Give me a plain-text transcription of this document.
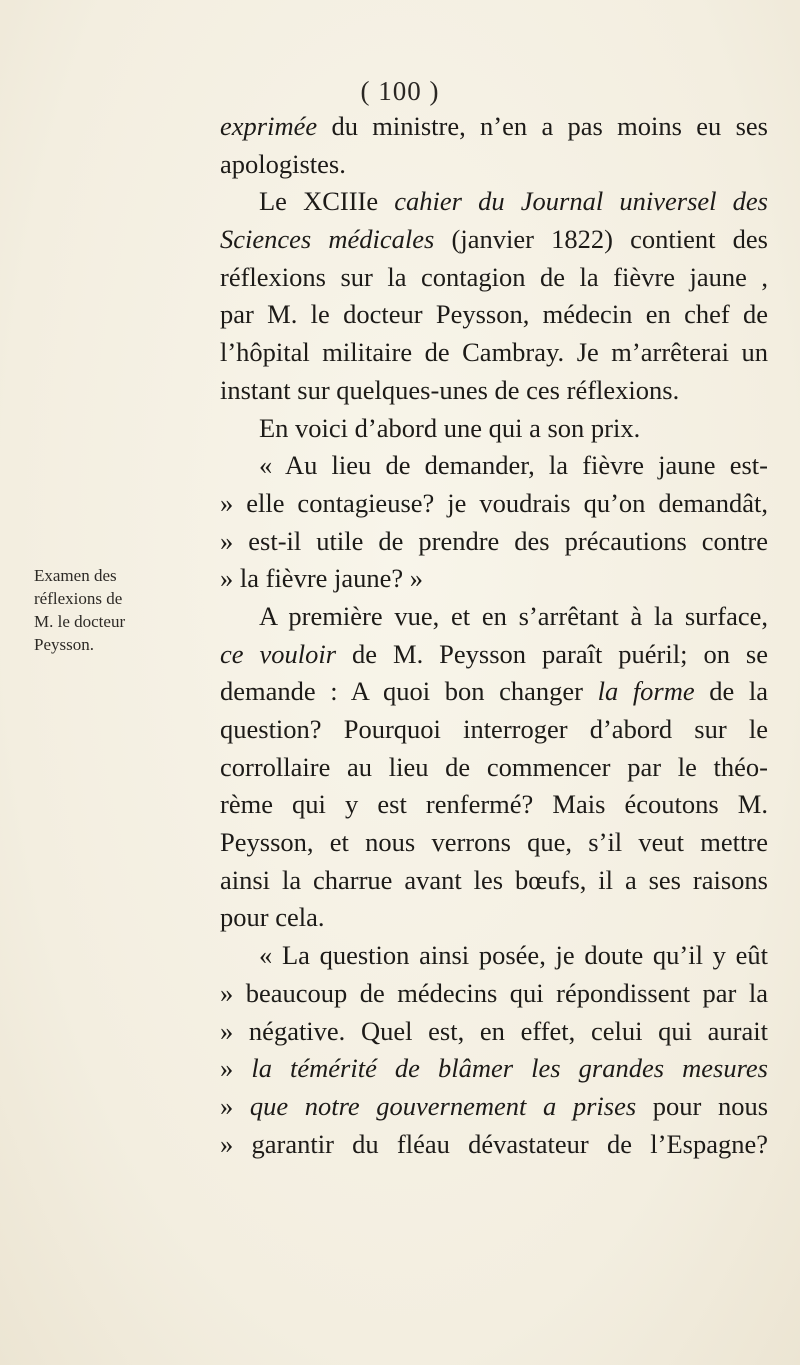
( 100 )
Examen des
réflexions de
M. le docteur
Peysson.
exprimée du ministre, n’en a pas moins eu ses
apologistes.
Le XCIIIe cahier du Journal universel des
Sciences médicales (janvier 1822) contient des
réflexions sur la contagion de la fièvre jaune ,
par M. le docteur Peysson, médecin en chef de
l’hôpital militaire de Cambray. Je m’arrêterai un
instant sur quelques-unes de ces réflexions.
En voici d’abord une qui a son prix.
« Au lieu de demander, la fièvre jaune est-
» elle contagieuse? je voudrais qu’on demandât,
» est-il utile de prendre des précautions contre
» la fièvre jaune? »
A première vue, et en s’arrêtant à la surface,
ce vouloir de M. Peysson paraît puéril; on se
demande : A quoi bon changer la forme de la
question? Pourquoi interroger d’abord sur le
corrollaire au lieu de commencer par le théo-
rème qui y est renfermé? Mais écoutons M.
Peysson, et nous verrons que, s’il veut mettre
ainsi la charrue avant les bœufs, il a ses raisons
pour cela.
« La question ainsi posée, je doute qu’il y eût
» beaucoup de médecins qui répondissent par la
» négative. Quel est, en effet, celui qui aurait
» la témérité de blâmer les grandes mesures
» que notre gouvernement a prises pour nous
» garantir du fléau dévastateur de l’Espagne?
